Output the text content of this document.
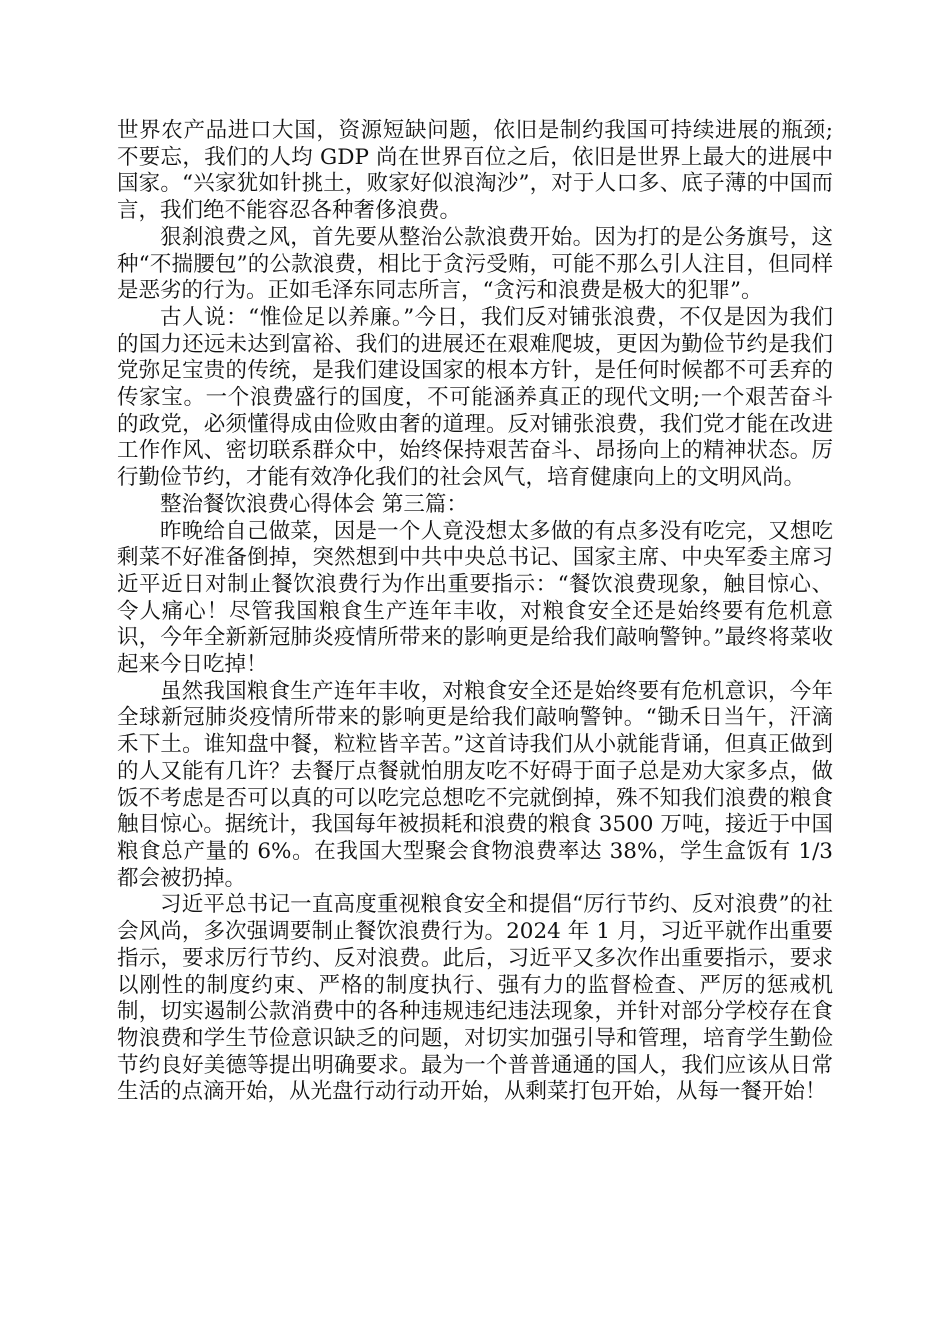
世界农产品进口大国，资源短缺问题，依旧是制约我国可持续进展的瓶颈;不要忘，我们的人均 GDP 尚在世界百位之后，依旧是世界上最大的进展中国家。“兴家犹如针挑土，败家好似浪淘沙”，对于人口多、底子薄的中国而言，我们绝不能容忍各种奢侈浪费。

狠刹浪费之风，首先要从整治公款浪费开始。因为打的是公务旗号，这种“不揣腰包”的公款浪费，相比于贪污受贿，可能不那么引人注目，但同样是恶劣的行为。正如毛泽东同志所言，“贪污和浪费是极大的犯罪”。

古人说：“惟俭足以养廉。”今日，我们反对铺张浪费，不仅是因为我们的国力还远未达到富裕、我们的进展还在艰难爬坡，更因为勤俭节约是我们党弥足宝贵的传统，是我们建设国家的根本方针，是任何时候都不可丢弃的传家宝。一个浪费盛行的国度，不可能涵养真正的现代文明;一个艰苦奋斗的政党，必须懂得成由俭败由奢的道理。反对铺张浪费，我们党才能在改进工作作风、密切联系群众中，始终保持艰苦奋斗、昂扬向上的精神状态。厉行勤俭节约，才能有效净化我们的社会风气，培育健康向上的文明风尚。

整治餐饮浪费心得体会 第三篇：

昨晚给自己做菜，因是一个人竟没想太多做的有点多没有吃完，又想吃剩菜不好准备倒掉，突然想到中共中央总书记、国家主席、中央军委主席习近平近日对制止餐饮浪费行为作出重要指示：“餐饮浪费现象，触目惊心、令人痛心！尽管我国粮食生产连年丰收，对粮食安全还是始终要有危机意识，今年全新新冠肺炎疫情所带来的影响更是给我们敲响警钟。”最终将菜收起来今日吃掉！

虽然我国粮食生产连年丰收，对粮食安全还是始终要有危机意识，今年全球新冠肺炎疫情所带来的影响更是给我们敲响警钟。“锄禾日当午，汗滴禾下土。谁知盘中餐，粒粒皆辛苦。”这首诗我们从小就能背诵，但真正做到的人又能有几许？去餐厅点餐就怕朋友吃不好碍于面子总是劝大家多点，做饭不考虑是否可以真的可以吃完总想吃不完就倒掉，殊不知我们浪费的粮食触目惊心。据统计，我国每年被损耗和浪费的粮食 3500 万吨，接近于中国粮食总产量的 6%。在我国大型聚会食物浪费率达 38%，学生盒饭有 1/3 都会被扔掉。

习近平总书记一直高度重视粮食安全和提倡“厉行节约、反对浪费”的社会风尚，多次强调要制止餐饮浪费行为。2024 年 1 月，习近平就作出重要指示，要求厉行节约、反对浪费。此后，习近平又多次作出重要指示，要求以刚性的制度约束、严格的制度执行、强有力的监督检查、严厉的惩戒机制，切实遏制公款消费中的各种违规违纪违法现象，并针对部分学校存在食物浪费和学生节俭意识缺乏的问题，对切实加强引导和管理，培育学生勤俭节约良好美德等提出明确要求。最为一个普普通通的国人，我们应该从日常生活的点滴开始，从光盘行动行动开始，从剩菜打包开始，从每一餐开始！
